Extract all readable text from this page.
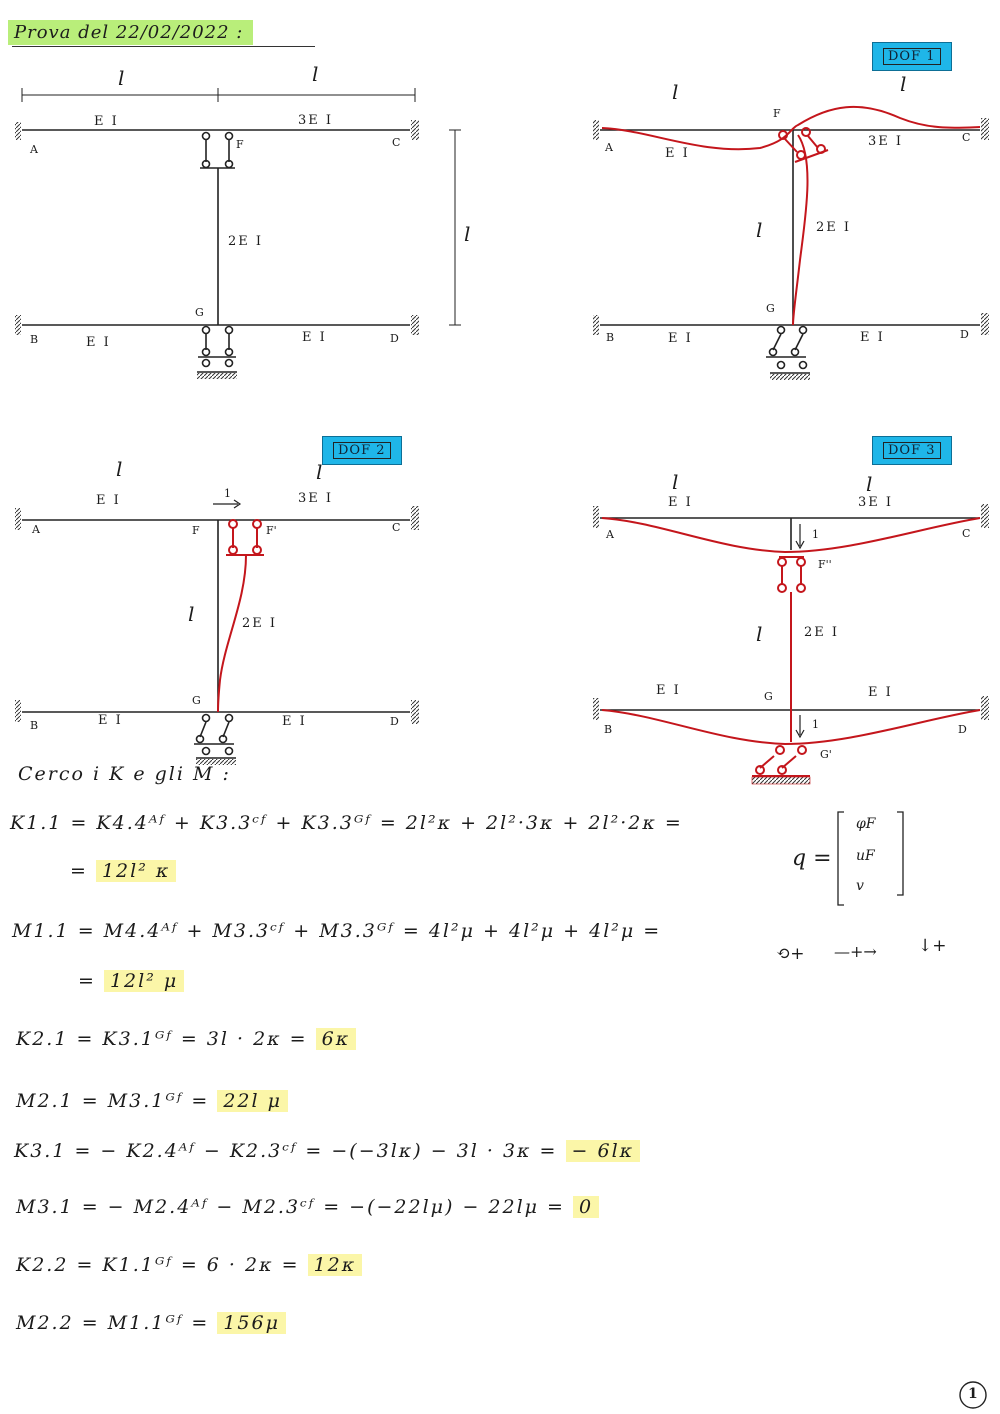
Prova del 22/02/2022 :
l	l
l
E I	3E I
2E I
E I	E I
A
B
C
D
F
G
DOF 1
l	l
l
E I
3E I
2E I
E I	E I
A
B
C
D
F
G
DOF 2
l	l
l
E I	3E I
2E I
E I	E I
1
A
B
C
D
F	F'
G
DOF 3
l	l
l
E I	3E I
2E I
E I	E I
1
1
A
B
C
D
F''
G
G'
Cerco i K e gli M :
K1.1 = K4.4ᴬᶠ + K3.3ᶜᶠ + K3.3ᴳᶠ = 2l²κ + 2l²·3κ + 2l²·2κ =
= 12l² κ
M1.1 = M4.4ᴬᶠ + M3.3ᶜᶠ + M3.3ᴳᶠ = 4l²μ + 4l²μ + 4l²μ =
= 12l² μ
K2.1 = K3.1ᴳᶠ = 3l · 2κ = 6κ
M2.1 = M3.1ᴳᶠ = 22l μ
K3.1 = − K2.4ᴬᶠ − K2.3ᶜᶠ = −(−3lκ) − 3l · 3κ = − 6lκ
M3.1 = − M2.4ᴬᶠ − M2.3ᶜᶠ = −(−22lμ) − 22lμ = 0
K2.2 = K1.1ᴳᶠ = 6 · 2κ = 12κ
M2.2 = M1.1ᴳᶠ = 156μ
q =
φF
uF
v
⟲+ —+→ ↓+
1
